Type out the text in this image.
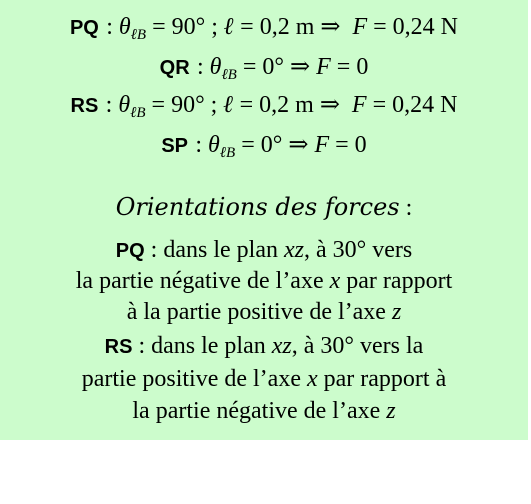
PQ : $\theta_{\ell B} = 90^\circ$ ; ℓ = 0,2 m ⇒ F = 0,24 N
QR : $\theta_{\ell B} = 0^\circ$ ⇒ F = 0
RS : $\theta_{\ell B} = 90^\circ$ ; ℓ = 0,2 m ⇒ F = 0,24 N
SP : $\theta_{\ell B} = 0^\circ$ ⇒ F = 0
Orientations des forces :
PQ : dans le plan xz, à 30° vers
la partie négative de l’axe x par rapport
à la partie positive de l’axe z
RS : dans le plan xz, à 30° vers la
partie positive de l’axe x par rapport à
la partie négative de l’axe z
